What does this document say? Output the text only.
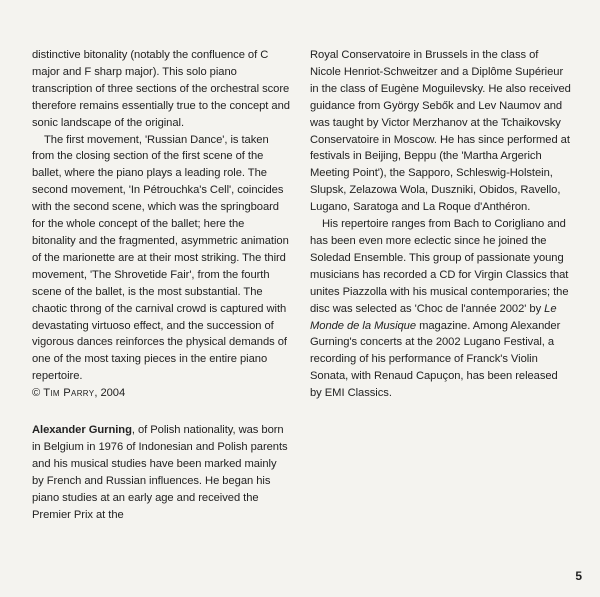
distinctive bitonality (notably the confluence of C major and F sharp major). This solo piano transcription of three sections of the orchestral score therefore remains essentially true to the concept and sonic landscape of the original.

The first movement, 'Russian Dance', is taken from the closing section of the first scene of the ballet, where the piano plays a leading role. The second movement, 'In Pétrouchka's Cell', coincides with the second scene, which was the springboard for the whole concept of the ballet; here the bitonality and the fragmented, asymmetric animation of the marionette are at their most striking. The third movement, 'The Shrovetide Fair', from the fourth scene of the ballet, is the most substantial. The chaotic throng of the carnival crowd is captured with devastating virtuoso effect, and the succession of vigorous dances reinforces the physical demands of one of the most taxing pieces in the entire piano repertoire.

© Tim Parry, 2004

Alexander Gurning, of Polish nationality, was born in Belgium in 1976 of Indonesian and Polish parents and his musical studies have been marked mainly by French and Russian influences. He began his piano studies at an early age and received the Premier Prix at the

Royal Conservatoire in Brussels in the class of Nicole Henriot-Schweitzer and a Diplôme Supérieur in the class of Eugène Moguilevsky. He also received guidance from György Sebők and Lev Naumov and was taught by Victor Merzhanov at the Tchaikovsky Conservatoire in Moscow. He has since performed at festivals in Beijing, Beppu (the 'Martha Argerich Meeting Point'), the Sapporo, Schleswig-Holstein, Slupsk, Zelazowa Wola, Duszniki, Obidos, Ravello, Lugano, Saratoga and La Roque d'Anthéron.

His repertoire ranges from Bach to Corigliano and has been even more eclectic since he joined the Soledad Ensemble. This group of passionate young musicians has recorded a CD for Virgin Classics that unites Piazzolla with his musical contemporaries; the disc was selected as 'Choc de l'année 2002' by Le Monde de la Musique magazine. Among Alexander Gurning's concerts at the 2002 Lugano Festival, a recording of his performance of Franck's Violin Sonata, with Renaud Capuçon, has been released by EMI Classics.

5
